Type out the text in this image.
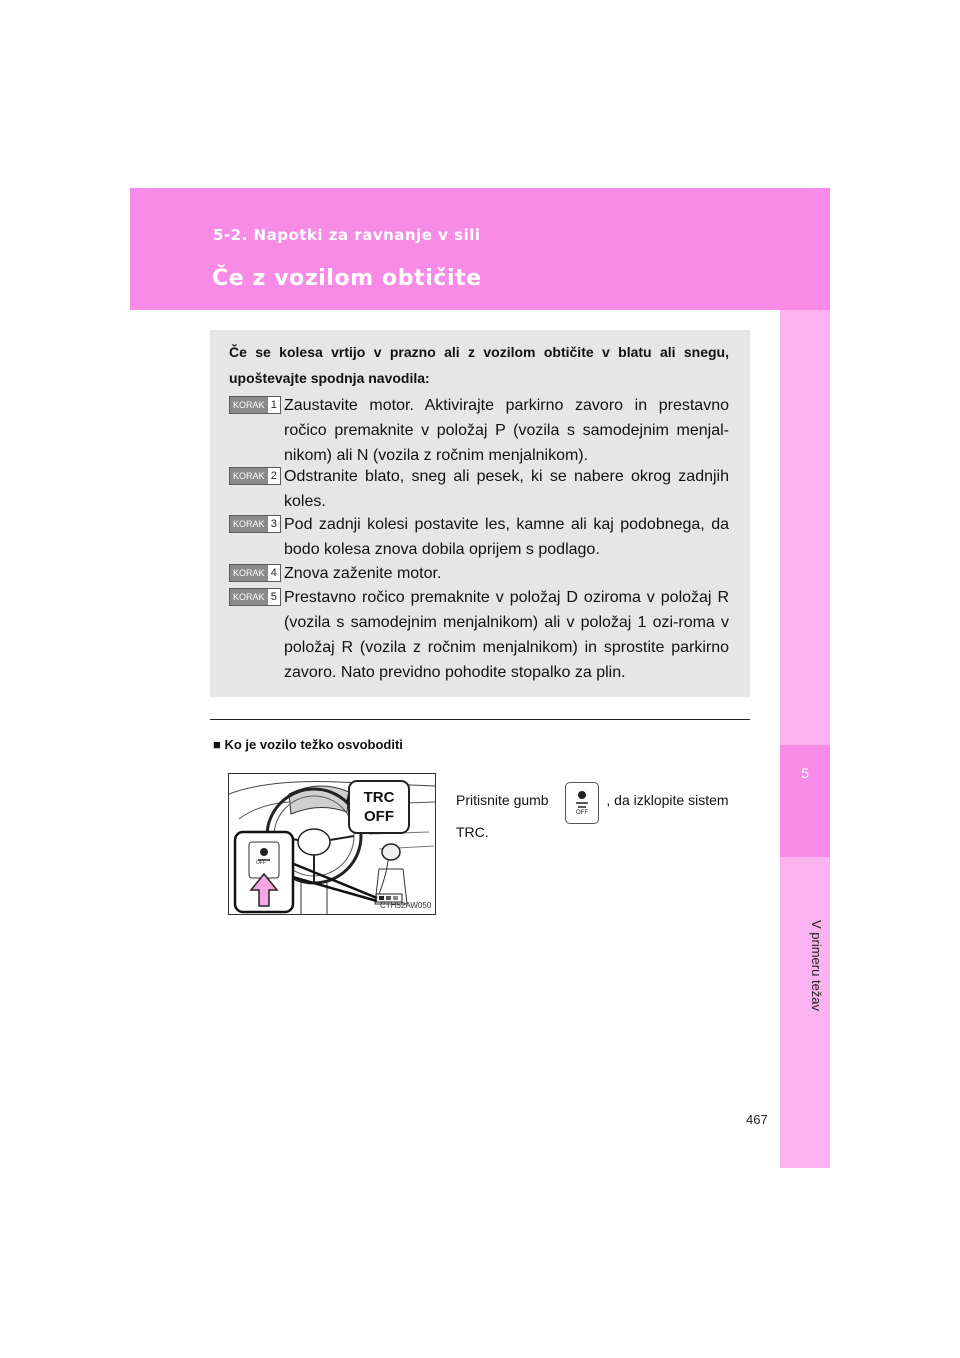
5-2. Napotki za ravnanje v sili
Če z vozilom obtičite
5
V primeru težav
Če se kolesa vrtijo v prazno ali z vozilom obtičite v blatu ali snegu, upoštevajte spodnja navodila:
KORAK 1 Zaustavite motor. Aktivirajte parkirno zavoro in prestavno ročico premaknite v položaj P (vozila s samodejnim menjal-nikom) ali N (vozila z ročnim menjalnikom).
KORAK 2 Odstranite blato, sneg ali pesek, ki se nabere okrog zadnjih koles.
KORAK 3 Pod zadnji kolesi postavite les, kamne ali kaj podobnega, da bodo kolesa znova dobila oprijem s podlago.
KORAK 4 Znova zaženite motor.
KORAK 5 Prestavno ročico premaknite v položaj D oziroma v položaj R (vozila s samodejnim menjalnikom) ali v položaj 1 ozi-roma v položaj R (vozila z ročnim menjalnikom) in sprostite parkirno zavoro. Nato previdno pohodite stopalko za plin.
■ Ko je vozilo težko osvoboditi
OFF
TRC
OFF
CTH52AW050
Pritisnite gumb	, da izklopite sistem
OFF
TRC.
467
